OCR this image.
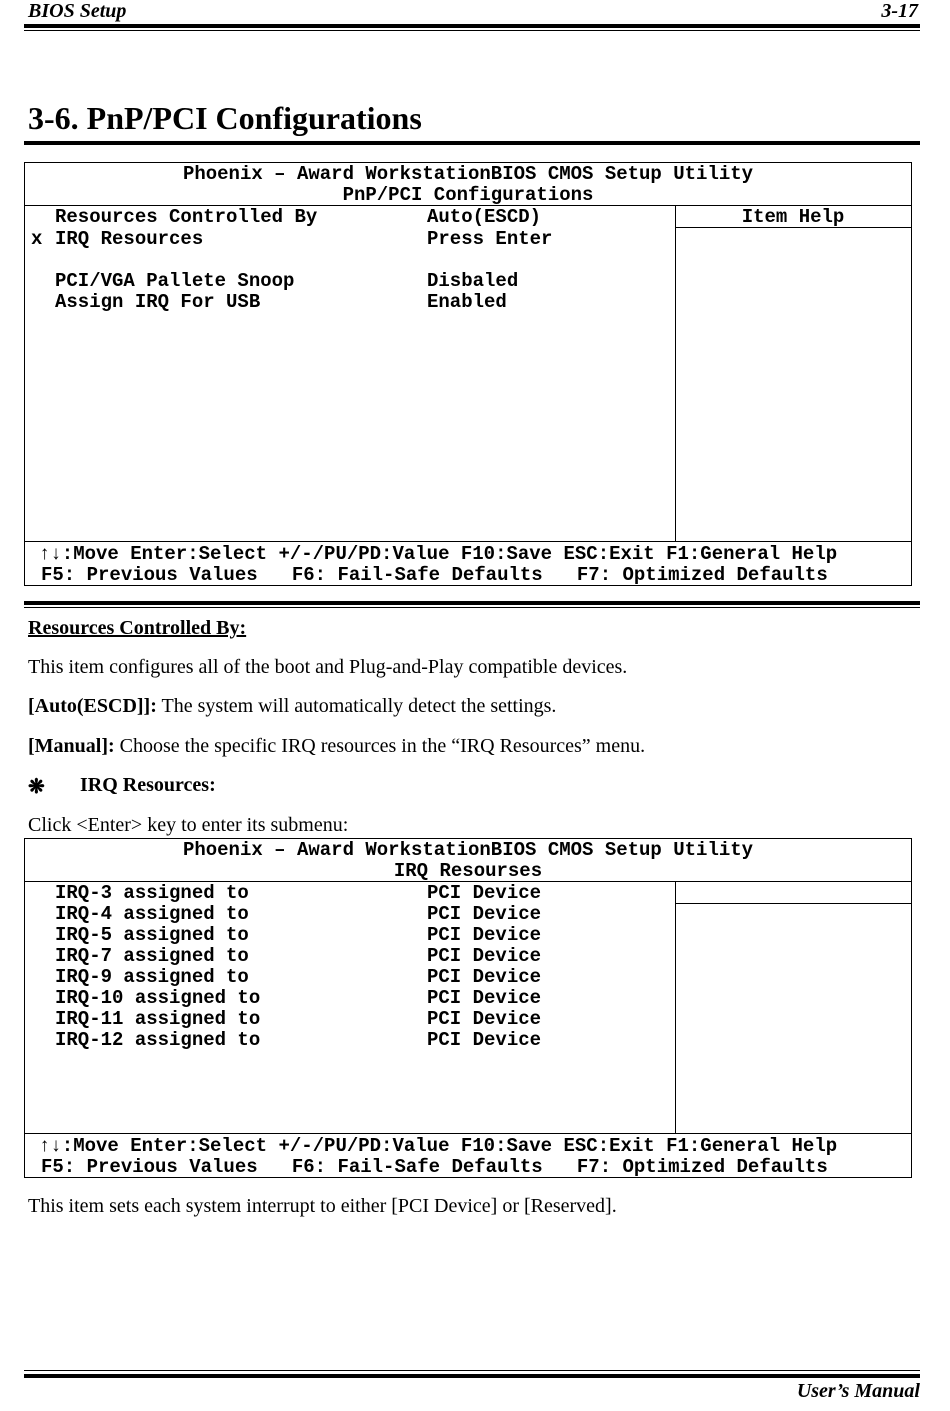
BIOS Setup	3-17
3-6. PnP/PCI Configurations
Phoenix – Award WorkstationBIOS CMOS Setup Utility
PnP/PCI Configurations
Item Help

Resources Controlled By	Auto(ESCD)
x IRQ Resources	Press Enter

PCI/VGA Pallete Snoop	Disbaled

Assign IRQ For USB	Enabled
↑↓:Move Enter:Select +/-/PU/PD:Value F10:Save ESC:Exit F1:General Help
F5: Previous Values   F6: Fail-Safe Defaults   F7: Optimized Defaults
Resources Controlled By:
This item configures all of the boot and Plug-and-Play compatible devices.
[Auto(ESCD]]: The system will automatically detect the settings.
[Manual]: Choose the specific IRQ resources in the “IRQ Resources” menu.
❋ IRQ Resources:
Click <Enter> key to enter its submenu:
Phoenix – Award WorkstationBIOS CMOS Setup Utility
IRQ Resourses
IRQ-3 assigned to	PCI Device
IRQ-4 assigned to	PCI Device
IRQ-5 assigned to	PCI Device
IRQ-7 assigned to	PCI Device
IRQ-9 assigned to	PCI Device
IRQ-10 assigned to	PCI Device
IRQ-11 assigned to	PCI Device
IRQ-12 assigned to	PCI Device
↑↓:Move Enter:Select +/-/PU/PD:Value F10:Save ESC:Exit F1:General Help
F5: Previous Values   F6: Fail-Safe Defaults   F7: Optimized Defaults
This item sets each system interrupt to either [PCI Device] or [Reserved].
User’s Manual
